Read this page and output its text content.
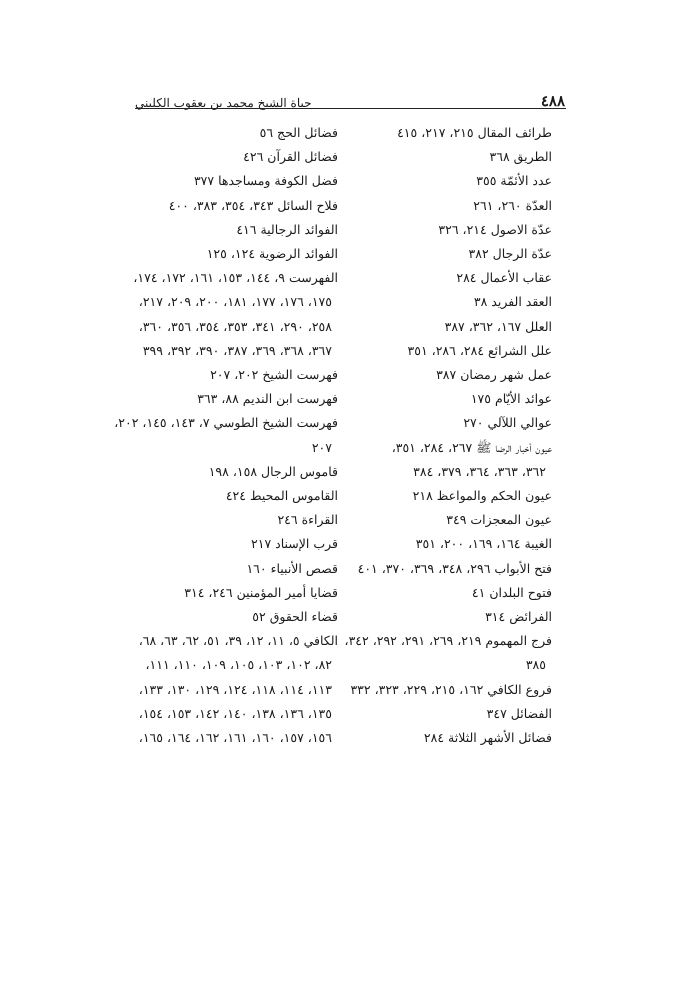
٤٨٨
حياة الشيخ محمد بن يعقوب الكليني
طرائف المقال ٢١٥، ٢١٧، ٤١٥
الطريق ٣٦٨
عدد الأئمّة ٣٥٥
العدّة ٢٦٠، ٢٦١
عدّة الاصول ٢١٤، ٣٢٦
عدّة الرجال ٣٨٢
عقاب الأعمال ٢٨٤
العقد الفريد ٣٨
العلل ١٦٧، ٣٦٢، ٣٨٧
علل الشرائع ٢٨٤، ٢٨٦، ٣٥١
عمل شهر رمضان ٣٨٧
عوائد الأيّام ١٧٥
عوالي اللآلي ٢٧٠
عيون أخبار الرضا ﷺ ٢٦٧، ٢٨٤، ٣٥١،
٣٦٢، ٣٦٣، ٣٦٤، ٣٧٩، ٣٨٤
عيون الحكم والمواعظ ٢١٨
عيون المعجزات ٣٤٩
الغيبة ١٦٤، ١٦٩، ٢٠٠، ٣٥١
فتح الأبواب ٢٩٦، ٣٤٨، ٣٦٩، ٣٧٠، ٤٠١
فتوح البلدان ٤١
الفرائض ٣١٤
فرج المهموم ٢١٩، ٢٦٩، ٢٩١، ٢٩٢، ٣٤٢،
٣٨٥
فروع الكافي ١٦٢، ٢١٥، ٢٢٩، ٣٢٣، ٣٣٢
الفضائل ٣٤٧
فضائل الأشهر الثلاثة ٢٨٤
فضائل الحج ٥٦
فضائل القرآن ٤٢٦
فضل الكوفة ومساجدها ٣٧٧
فلاح السائل ٣٤٣، ٣٥٤، ٣٨٣، ٤٠٠
الفوائد الرجالية ٤١٦
الفوائد الرضوية ١٢٤، ١٢٥
الفهرست ٩، ١٤٤، ١٥٣، ١٦١، ١٧٢، ١٧٤،
١٧٥، ١٧٦، ١٧٧، ١٨١، ٢٠٠، ٢٠٩، ٢١٧،
٢٥٨، ٢٩٠، ٣٤١، ٣٥٣، ٣٥٤، ٣٥٦، ٣٦٠،
٣٦٧، ٣٦٨، ٣٦٩، ٣٨٧، ٣٩٠، ٣٩٢، ٣٩٩
فهرست الشيخ ٢٠٢، ٢٠٧
فهرست ابن النديم ٨٨، ٣٦٣
فهرست الشيخ الطوسي ٧، ١٤٣، ١٤٥، ٢٠٢،
٢٠٧
قاموس الرجال ١٥٨، ١٩٨
القاموس المحيط ٤٢٤
القراءة ٢٤٦
قرب الإسناد ٢١٧
قصص الأنبياء ١٦٠
قضايا أمير المؤمنين ٢٤٦، ٣١٤
قضاء الحقوق ٥٢
الكافي ٥، ١١، ١٢، ٣٩، ٥١، ٦٢، ٦٣، ٦٨،
٨٢، ١٠٢، ١٠٣، ١٠٥، ١٠٩، ١١٠، ١١١،
١١٣، ١١٤، ١١٨، ١٢٤، ١٢٩، ١٣٠، ١٣٣،
١٣٥، ١٣٦، ١٣٨، ١٤٠، ١٤٢، ١٥٣، ١٥٤،
١٥٦، ١٥٧، ١٦٠، ١٦١، ١٦٢، ١٦٤، ١٦٥،
